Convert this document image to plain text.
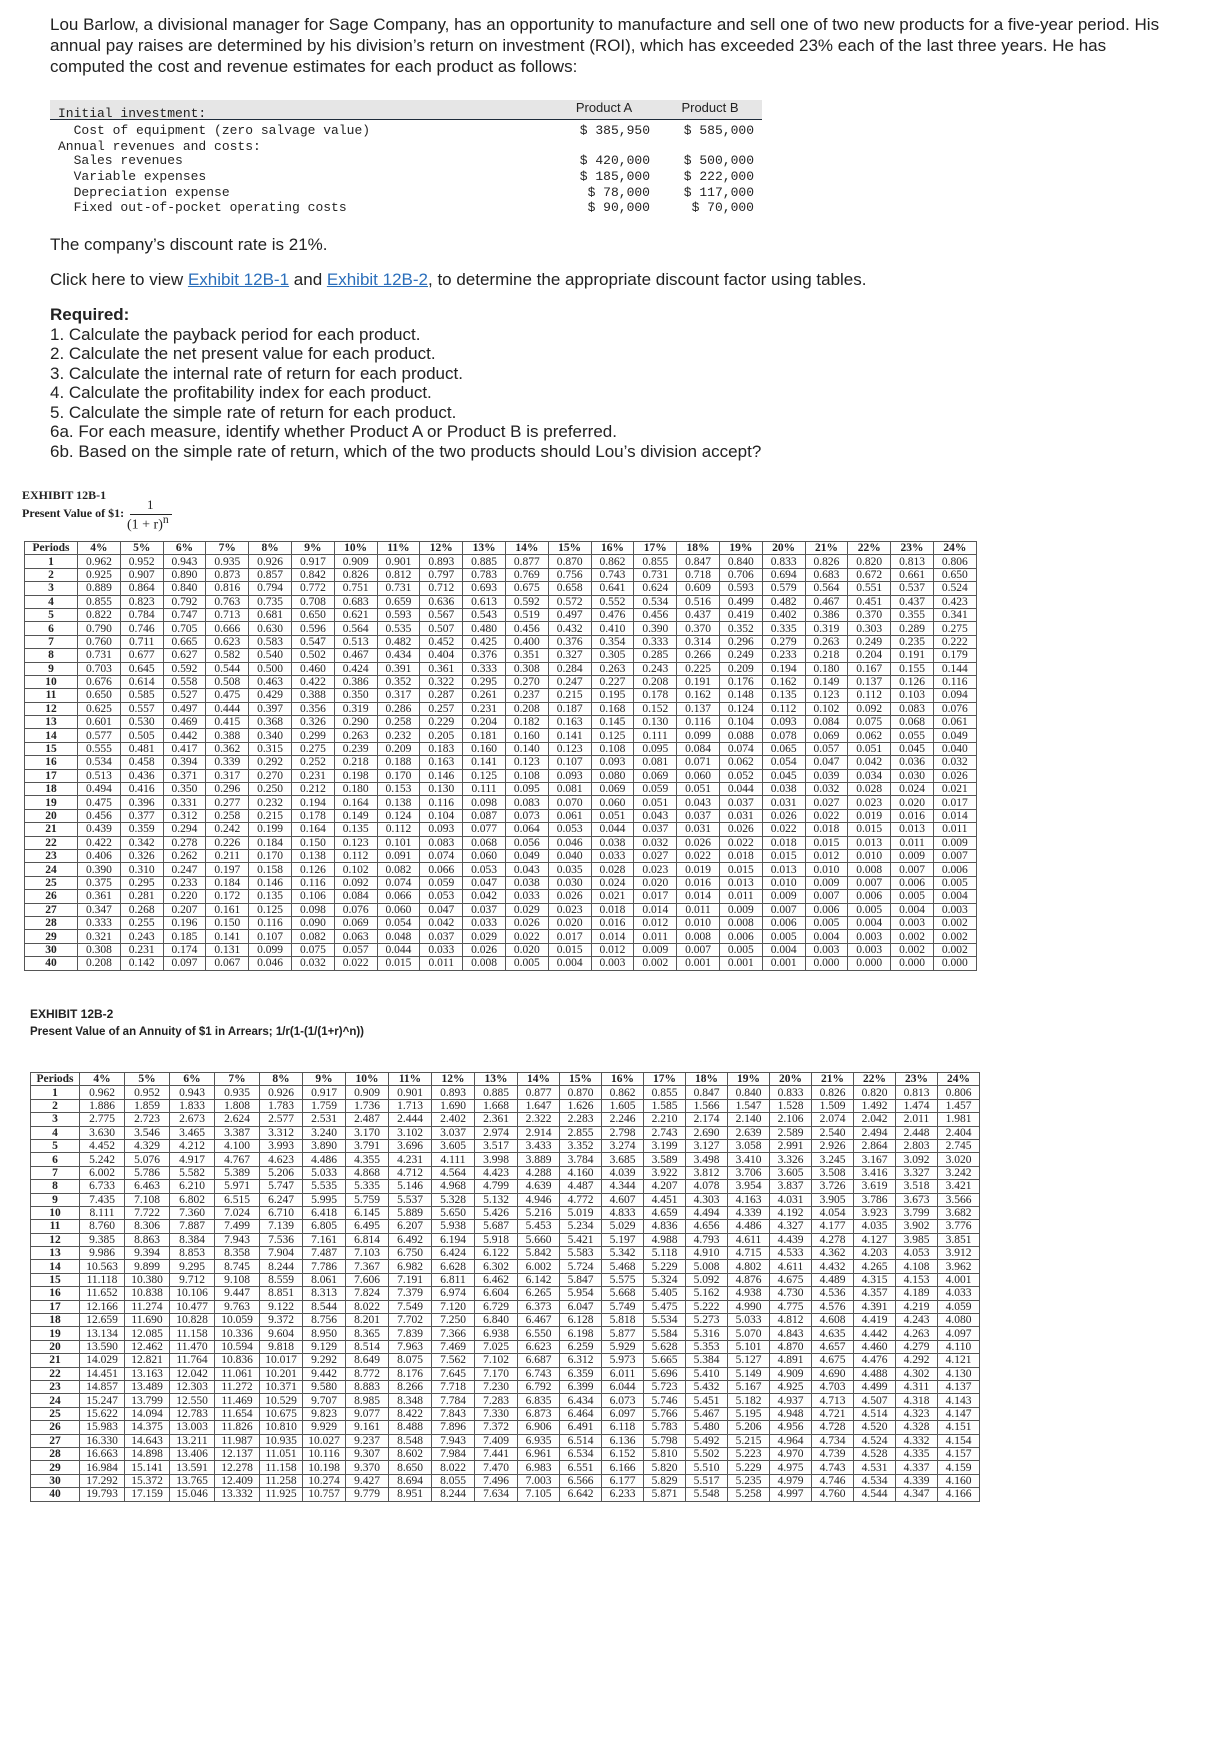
Lou Barlow, a divisional manager for Sage Company, has an opportunity to manufacture and sell one of two new products for a five-year period. His annual pay raises are determined by his division’s return on investment (ROI), which has exceeded 23% each of the last three years. He has computed the cost and revenue estimates for each product as follows:
Product A	Product B
Initial investment:
Cost of equipment (zero salvage value)	$ 385,950	$ 585,000
Annual revenues and costs:
Sales revenues	$ 420,000	$ 500,000
Variable expenses	$ 185,000	$ 222,000
Depreciation expense	$ 78,000	$ 117,000
Fixed out-of-pocket operating costs	$ 90,000	$ 70,000
The company’s discount rate is 21%.
Click here to view Exhibit 12B-1 and Exhibit 12B-2, to determine the appropriate discount factor using tables.
Required:
1. Calculate the payback period for each product.
2. Calculate the net present value for each product.
3. Calculate the internal rate of return for each product.
4. Calculate the profitability index for each product.
5. Calculate the simple rate of return for each product.
6a. For each measure, identify whether Product A or Product B is preferred.
6b. Based on the simple rate of return, which of the two products should Lou’s division accept?
EXHIBIT 12B-1
Present Value of $1:
1
$(1 + r)^n$
Periods	4%	5%	6%	7%	8%	9%	10%	11%	12%	13%	14%	15%	16%	17%	18%	19%	20%	21%	22%	23%	24%	
1	0.962	0.952	0.943	0.935	0.926	0.917	0.909	0.901	0.893	0.885	0.877	0.870	0.862	0.855	0.847	0.840	0.833	0.826	0.820	0.813	0.806	
2	0.925	0.907	0.890	0.873	0.857	0.842	0.826	0.812	0.797	0.783	0.769	0.756	0.743	0.731	0.718	0.706	0.694	0.683	0.672	0.661	0.650	
3	0.889	0.864	0.840	0.816	0.794	0.772	0.751	0.731	0.712	0.693	0.675	0.658	0.641	0.624	0.609	0.593	0.579	0.564	0.551	0.537	0.524	
4	0.855	0.823	0.792	0.763	0.735	0.708	0.683	0.659	0.636	0.613	0.592	0.572	0.552	0.534	0.516	0.499	0.482	0.467	0.451	0.437	0.423	
5	0.822	0.784	0.747	0.713	0.681	0.650	0.621	0.593	0.567	0.543	0.519	0.497	0.476	0.456	0.437	0.419	0.402	0.386	0.370	0.355	0.341	
6	0.790	0.746	0.705	0.666	0.630	0.596	0.564	0.535	0.507	0.480	0.456	0.432	0.410	0.390	0.370	0.352	0.335	0.319	0.303	0.289	0.275	
7	0.760	0.711	0.665	0.623	0.583	0.547	0.513	0.482	0.452	0.425	0.400	0.376	0.354	0.333	0.314	0.296	0.279	0.263	0.249	0.235	0.222	
8	0.731	0.677	0.627	0.582	0.540	0.502	0.467	0.434	0.404	0.376	0.351	0.327	0.305	0.285	0.266	0.249	0.233	0.218	0.204	0.191	0.179	
9	0.703	0.645	0.592	0.544	0.500	0.460	0.424	0.391	0.361	0.333	0.308	0.284	0.263	0.243	0.225	0.209	0.194	0.180	0.167	0.155	0.144	
10	0.676	0.614	0.558	0.508	0.463	0.422	0.386	0.352	0.322	0.295	0.270	0.247	0.227	0.208	0.191	0.176	0.162	0.149	0.137	0.126	0.116	
11	0.650	0.585	0.527	0.475	0.429	0.388	0.350	0.317	0.287	0.261	0.237	0.215	0.195	0.178	0.162	0.148	0.135	0.123	0.112	0.103	0.094	
12	0.625	0.557	0.497	0.444	0.397	0.356	0.319	0.286	0.257	0.231	0.208	0.187	0.168	0.152	0.137	0.124	0.112	0.102	0.092	0.083	0.076	
13	0.601	0.530	0.469	0.415	0.368	0.326	0.290	0.258	0.229	0.204	0.182	0.163	0.145	0.130	0.116	0.104	0.093	0.084	0.075	0.068	0.061	
14	0.577	0.505	0.442	0.388	0.340	0.299	0.263	0.232	0.205	0.181	0.160	0.141	0.125	0.111	0.099	0.088	0.078	0.069	0.062	0.055	0.049	
15	0.555	0.481	0.417	0.362	0.315	0.275	0.239	0.209	0.183	0.160	0.140	0.123	0.108	0.095	0.084	0.074	0.065	0.057	0.051	0.045	0.040	
16	0.534	0.458	0.394	0.339	0.292	0.252	0.218	0.188	0.163	0.141	0.123	0.107	0.093	0.081	0.071	0.062	0.054	0.047	0.042	0.036	0.032	
17	0.513	0.436	0.371	0.317	0.270	0.231	0.198	0.170	0.146	0.125	0.108	0.093	0.080	0.069	0.060	0.052	0.045	0.039	0.034	0.030	0.026	
18	0.494	0.416	0.350	0.296	0.250	0.212	0.180	0.153	0.130	0.111	0.095	0.081	0.069	0.059	0.051	0.044	0.038	0.032	0.028	0.024	0.021	
19	0.475	0.396	0.331	0.277	0.232	0.194	0.164	0.138	0.116	0.098	0.083	0.070	0.060	0.051	0.043	0.037	0.031	0.027	0.023	0.020	0.017	
20	0.456	0.377	0.312	0.258	0.215	0.178	0.149	0.124	0.104	0.087	0.073	0.061	0.051	0.043	0.037	0.031	0.026	0.022	0.019	0.016	0.014	
21	0.439	0.359	0.294	0.242	0.199	0.164	0.135	0.112	0.093	0.077	0.064	0.053	0.044	0.037	0.031	0.026	0.022	0.018	0.015	0.013	0.011	
22	0.422	0.342	0.278	0.226	0.184	0.150	0.123	0.101	0.083	0.068	0.056	0.046	0.038	0.032	0.026	0.022	0.018	0.015	0.013	0.011	0.009	
23	0.406	0.326	0.262	0.211	0.170	0.138	0.112	0.091	0.074	0.060	0.049	0.040	0.033	0.027	0.022	0.018	0.015	0.012	0.010	0.009	0.007	
24	0.390	0.310	0.247	0.197	0.158	0.126	0.102	0.082	0.066	0.053	0.043	0.035	0.028	0.023	0.019	0.015	0.013	0.010	0.008	0.007	0.006	
25	0.375	0.295	0.233	0.184	0.146	0.116	0.092	0.074	0.059	0.047	0.038	0.030	0.024	0.020	0.016	0.013	0.010	0.009	0.007	0.006	0.005	
26	0.361	0.281	0.220	0.172	0.135	0.106	0.084	0.066	0.053	0.042	0.033	0.026	0.021	0.017	0.014	0.011	0.009	0.007	0.006	0.005	0.004	
27	0.347	0.268	0.207	0.161	0.125	0.098	0.076	0.060	0.047	0.037	0.029	0.023	0.018	0.014	0.011	0.009	0.007	0.006	0.005	0.004	0.003	
28	0.333	0.255	0.196	0.150	0.116	0.090	0.069	0.054	0.042	0.033	0.026	0.020	0.016	0.012	0.010	0.008	0.006	0.005	0.004	0.003	0.002	
29	0.321	0.243	0.185	0.141	0.107	0.082	0.063	0.048	0.037	0.029	0.022	0.017	0.014	0.011	0.008	0.006	0.005	0.004	0.003	0.002	0.002	
30	0.308	0.231	0.174	0.131	0.099	0.075	0.057	0.044	0.033	0.026	0.020	0.015	0.012	0.009	0.007	0.005	0.004	0.003	0.003	0.002	0.002	
40	0.208	0.142	0.097	0.067	0.046	0.032	0.022	0.015	0.011	0.008	0.005	0.004	0.003	0.002	0.001	0.001	0.001	0.000	0.000	0.000	0.000	
EXHIBIT 12B-2
Present Value of an Annuity of $1 in Arrears; 1/r(1-(1/(1+r)^n))
Periods	4%	5%	6%	7%	8%	9%	10%	11%	12%	13%	14%	15%	16%	17%	18%	19%	20%	21%	22%	23%	24%	
1	0.962	0.952	0.943	0.935	0.926	0.917	0.909	0.901	0.893	0.885	0.877	0.870	0.862	0.855	0.847	0.840	0.833	0.826	0.820	0.813	0.806	
2	1.886	1.859	1.833	1.808	1.783	1.759	1.736	1.713	1.690	1.668	1.647	1.626	1.605	1.585	1.566	1.547	1.528	1.509	1.492	1.474	1.457	
3	2.775	2.723	2.673	2.624	2.577	2.531	2.487	2.444	2.402	2.361	2.322	2.283	2.246	2.210	2.174	2.140	2.106	2.074	2.042	2.011	1.981	
4	3.630	3.546	3.465	3.387	3.312	3.240	3.170	3.102	3.037	2.974	2.914	2.855	2.798	2.743	2.690	2.639	2.589	2.540	2.494	2.448	2.404	
5	4.452	4.329	4.212	4.100	3.993	3.890	3.791	3.696	3.605	3.517	3.433	3.352	3.274	3.199	3.127	3.058	2.991	2.926	2.864	2.803	2.745	
6	5.242	5.076	4.917	4.767	4.623	4.486	4.355	4.231	4.111	3.998	3.889	3.784	3.685	3.589	3.498	3.410	3.326	3.245	3.167	3.092	3.020	
7	6.002	5.786	5.582	5.389	5.206	5.033	4.868	4.712	4.564	4.423	4.288	4.160	4.039	3.922	3.812	3.706	3.605	3.508	3.416	3.327	3.242	
8	6.733	6.463	6.210	5.971	5.747	5.535	5.335	5.146	4.968	4.799	4.639	4.487	4.344	4.207	4.078	3.954	3.837	3.726	3.619	3.518	3.421	
9	7.435	7.108	6.802	6.515	6.247	5.995	5.759	5.537	5.328	5.132	4.946	4.772	4.607	4.451	4.303	4.163	4.031	3.905	3.786	3.673	3.566	
10	8.111	7.722	7.360	7.024	6.710	6.418	6.145	5.889	5.650	5.426	5.216	5.019	4.833	4.659	4.494	4.339	4.192	4.054	3.923	3.799	3.682	
11	8.760	8.306	7.887	7.499	7.139	6.805	6.495	6.207	5.938	5.687	5.453	5.234	5.029	4.836	4.656	4.486	4.327	4.177	4.035	3.902	3.776	
12	9.385	8.863	8.384	7.943	7.536	7.161	6.814	6.492	6.194	5.918	5.660	5.421	5.197	4.988	4.793	4.611	4.439	4.278	4.127	3.985	3.851	
13	9.986	9.394	8.853	8.358	7.904	7.487	7.103	6.750	6.424	6.122	5.842	5.583	5.342	5.118	4.910	4.715	4.533	4.362	4.203	4.053	3.912	
14	10.563	9.899	9.295	8.745	8.244	7.786	7.367	6.982	6.628	6.302	6.002	5.724	5.468	5.229	5.008	4.802	4.611	4.432	4.265	4.108	3.962	
15	11.118	10.380	9.712	9.108	8.559	8.061	7.606	7.191	6.811	6.462	6.142	5.847	5.575	5.324	5.092	4.876	4.675	4.489	4.315	4.153	4.001	
16	11.652	10.838	10.106	9.447	8.851	8.313	7.824	7.379	6.974	6.604	6.265	5.954	5.668	5.405	5.162	4.938	4.730	4.536	4.357	4.189	4.033	
17	12.166	11.274	10.477	9.763	9.122	8.544	8.022	7.549	7.120	6.729	6.373	6.047	5.749	5.475	5.222	4.990	4.775	4.576	4.391	4.219	4.059	
18	12.659	11.690	10.828	10.059	9.372	8.756	8.201	7.702	7.250	6.840	6.467	6.128	5.818	5.534	5.273	5.033	4.812	4.608	4.419	4.243	4.080	
19	13.134	12.085	11.158	10.336	9.604	8.950	8.365	7.839	7.366	6.938	6.550	6.198	5.877	5.584	5.316	5.070	4.843	4.635	4.442	4.263	4.097	
20	13.590	12.462	11.470	10.594	9.818	9.129	8.514	7.963	7.469	7.025	6.623	6.259	5.929	5.628	5.353	5.101	4.870	4.657	4.460	4.279	4.110	
21	14.029	12.821	11.764	10.836	10.017	9.292	8.649	8.075	7.562	7.102	6.687	6.312	5.973	5.665	5.384	5.127	4.891	4.675	4.476	4.292	4.121	
22	14.451	13.163	12.042	11.061	10.201	9.442	8.772	8.176	7.645	7.170	6.743	6.359	6.011	5.696	5.410	5.149	4.909	4.690	4.488	4.302	4.130	
23	14.857	13.489	12.303	11.272	10.371	9.580	8.883	8.266	7.718	7.230	6.792	6.399	6.044	5.723	5.432	5.167	4.925	4.703	4.499	4.311	4.137	
24	15.247	13.799	12.550	11.469	10.529	9.707	8.985	8.348	7.784	7.283	6.835	6.434	6.073	5.746	5.451	5.182	4.937	4.713	4.507	4.318	4.143	
25	15.622	14.094	12.783	11.654	10.675	9.823	9.077	8.422	7.843	7.330	6.873	6.464	6.097	5.766	5.467	5.195	4.948	4.721	4.514	4.323	4.147	
26	15.983	14.375	13.003	11.826	10.810	9.929	9.161	8.488	7.896	7.372	6.906	6.491	6.118	5.783	5.480	5.206	4.956	4.728	4.520	4.328	4.151	
27	16.330	14.643	13.211	11.987	10.935	10.027	9.237	8.548	7.943	7.409	6.935	6.514	6.136	5.798	5.492	5.215	4.964	4.734	4.524	4.332	4.154	
28	16.663	14.898	13.406	12.137	11.051	10.116	9.307	8.602	7.984	7.441	6.961	6.534	6.152	5.810	5.502	5.223	4.970	4.739	4.528	4.335	4.157	
29	16.984	15.141	13.591	12.278	11.158	10.198	9.370	8.650	8.022	7.470	6.983	6.551	6.166	5.820	5.510	5.229	4.975	4.743	4.531	4.337	4.159	
30	17.292	15.372	13.765	12.409	11.258	10.274	9.427	8.694	8.055	7.496	7.003	6.566	6.177	5.829	5.517	5.235	4.979	4.746	4.534	4.339	4.160	
40	19.793	17.159	15.046	13.332	11.925	10.757	9.779	8.951	8.244	7.634	7.105	6.642	6.233	5.871	5.548	5.258	4.997	4.760	4.544	4.347	4.166	
